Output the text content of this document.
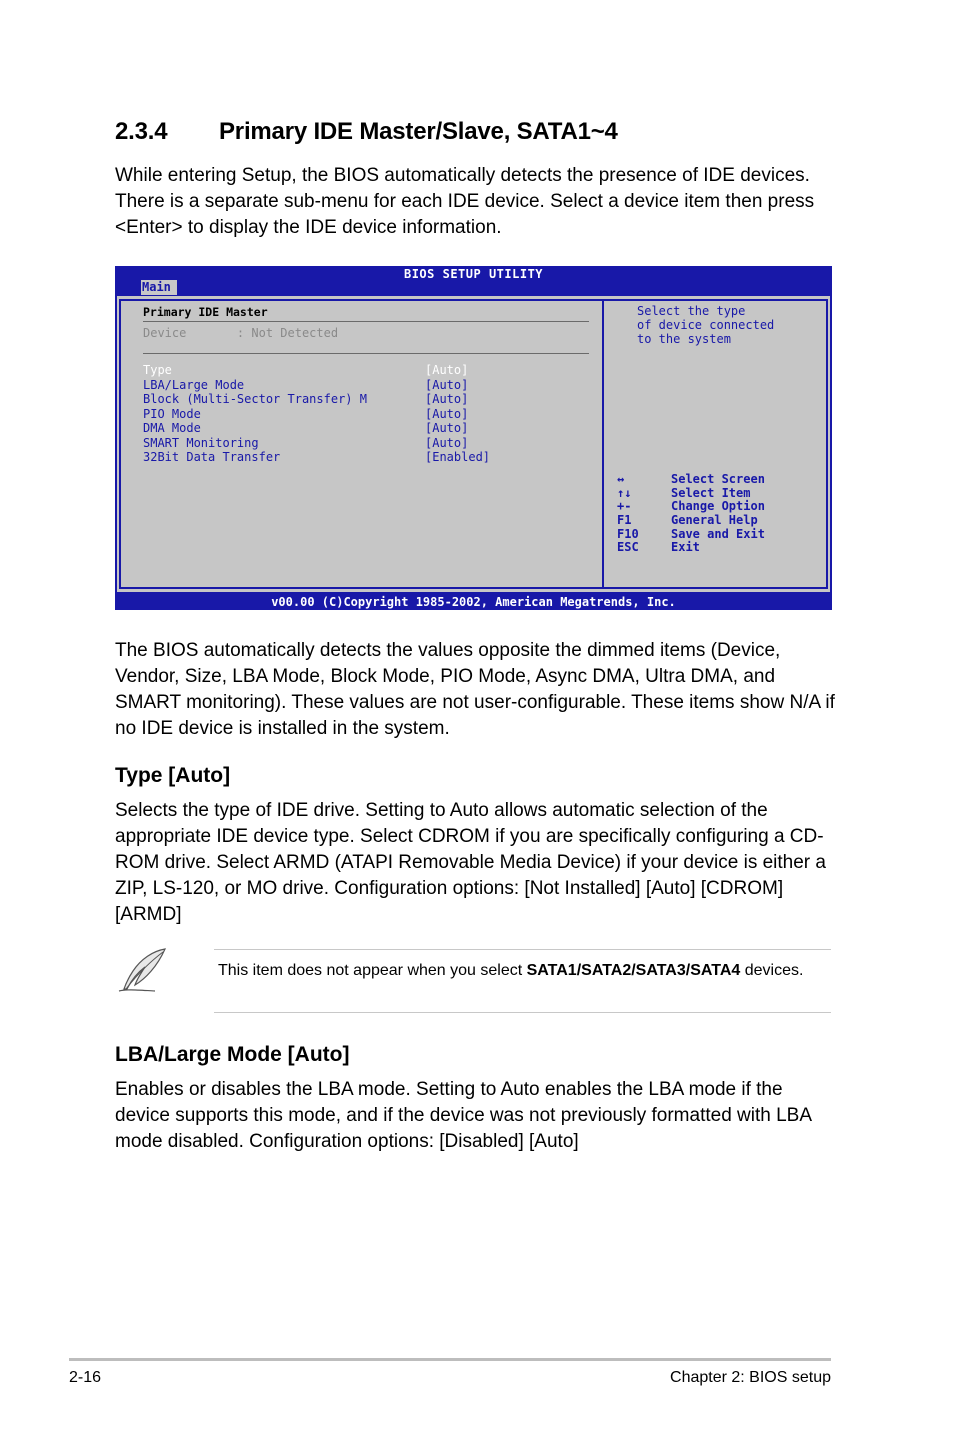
2.3.4 Primary IDE Master/Slave, SATA1~4

While entering Setup, the BIOS automatically detects the presence of IDE devices. There is a separate sub-menu for each IDE device. Select a device item then press <Enter> to display the IDE device information.

BIOS SETUP UTILITY
Main
Primary IDE Master
Device       : Not Detected
Type	[Auto]
LBA/Large Mode	[Auto]
Block (Multi-Sector Transfer) M	[Auto]
PIO Mode	[Auto]
DMA Mode	[Auto]
SMART Monitoring	[Auto]
32Bit Data Transfer	[Enabled]
Select the type
of device connected
to the system
↔	Select Screen
↑↓	Select Item
+-	Change Option
F1	General Help
F10	Save and Exit
ESC	Exit
v00.00 (C)Copyright 1985-2002, American Megatrends, Inc.

The BIOS automatically detects the values opposite the dimmed items (Device, Vendor, Size, LBA Mode, Block Mode, PIO Mode, Async DMA, Ultra DMA, and SMART monitoring). These values are not user-configurable. These items show N/A if no IDE device is installed in the system.

Type [Auto]

Selects the type of IDE drive. Setting to Auto allows automatic selection of the appropriate IDE device type. Select CDROM if you are specifically configuring a CD-ROM drive. Select ARMD (ATAPI Removable Media Device) if your device is either a ZIP, LS-120, or MO drive. Configuration options: [Not Installed] [Auto] [CDROM] [ARMD]

This item does not appear when you select SATA1/SATA2/SATA3/SATA4 devices.
LBA/Large Mode [Auto]

Enables or disables the LBA mode. Setting to Auto enables the LBA mode if the device supports this mode, and if the device was not previously formatted with LBA mode disabled. Configuration options: [Disabled] [Auto]

2-16	Chapter 2: BIOS setup
